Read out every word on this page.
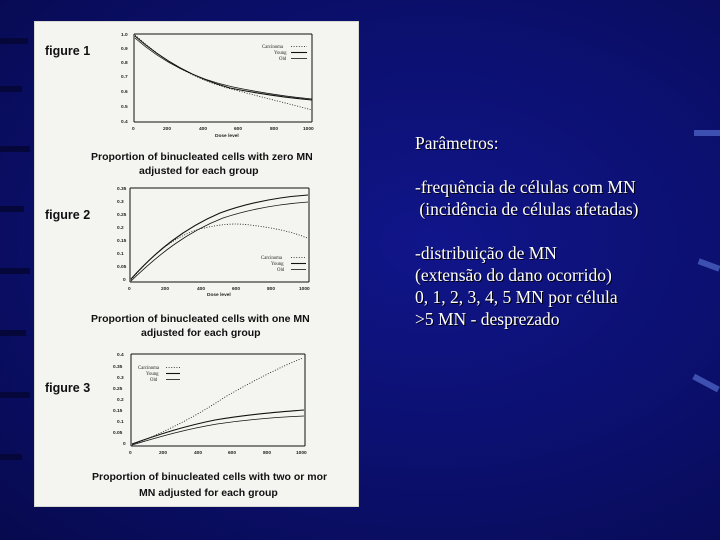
figure 1
1.0
0.9
0.8
0.7
0.6
0.5
0.4
0	200	400	600	800	1000
Dose level
Carcinoma
Young
Old
Proportion of binucleated cells with zero MN
adjusted for each group
figure 2
0.35
0.3
0.25
0.2
0.15
0.1
0.05
0
0	200	400	600	800	1000
Dose level
Carcinoma
Young
Old
Proportion of binucleated cells with one MN
adjusted for each group
figure 3
0.4
0.35
0.3
0.25
0.2
0.15
0.1
0.05
0
0	200	400	600	800	1000
Carcinoma
Young
Old
Proportion of binucleated cells with two or mor
MN adjusted for each group

Parâmetros:

-frequência de células com MN

(incidência de células afetadas)

-distribuição de MN

(extensão do dano ocorrido)

0, 1, 2, 3, 4, 5 MN por célula

>5 MN - desprezado
